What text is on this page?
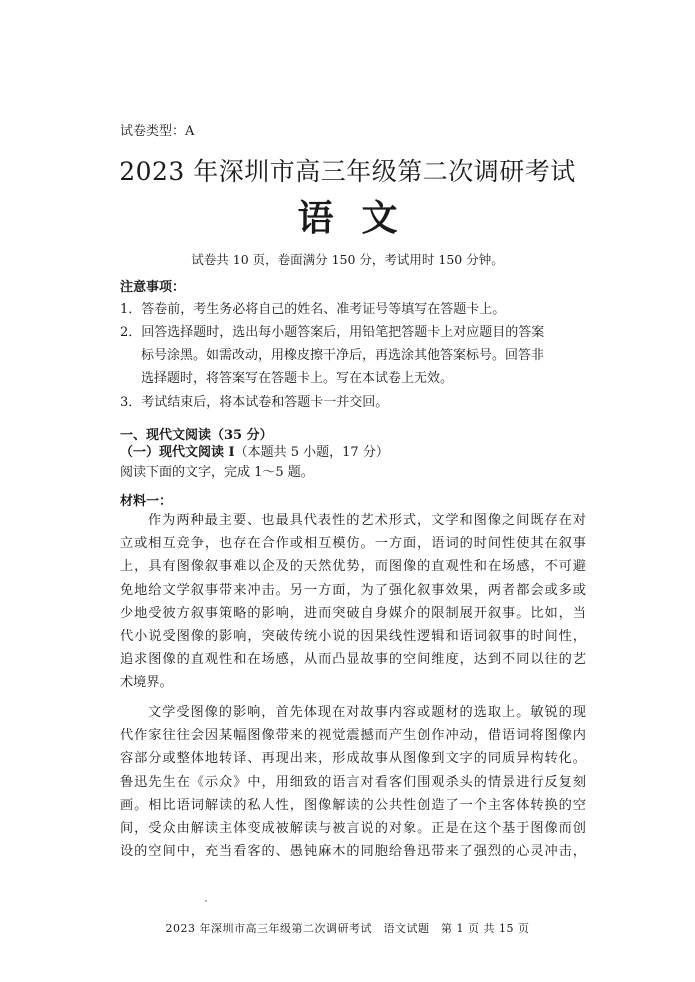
试卷类型：A
2023 年深圳市高三年级第二次调研考试
语文
试卷共 10 页，卷面满分 150 分，考试用时 150 分钟。
注意事项：
1．答卷前，考生务必将自己的姓名、准考证号等填写在答题卡上。
2．回答选择题时，选出每小题答案后，用铅笔把答题卡上对应题目的答案
标号涂黑。如需改动，用橡皮擦干净后，再选涂其他答案标号。回答非
选择题时，将答案写在答题卡上。写在本试卷上无效。
3．考试结束后，将本试卷和答题卡一并交回。
一、现代文阅读（35 分）
（一）现代文阅读 I（本题共 5 小题，17 分）
阅读下面的文字，完成 1～5 题。
材料一：
作为两种最主要、也最具代表性的艺术形式，文学和图像之间既存在对
立或相互竞争，也存在合作或相互模仿。一方面，语词的时间性使其在叙事
上，具有图像叙事难以企及的天然优势，而图像的直观性和在场感，不可避
免地给文学叙事带来冲击。另一方面，为了强化叙事效果，两者都会或多或
少地受彼方叙事策略的影响，进而突破自身媒介的限制展开叙事。比如，当
代小说受图像的影响，突破传统小说的因果线性逻辑和语词叙事的时间性，
追求图像的直观性和在场感，从而凸显故事的空间维度，达到不同以往的艺
术境界。
文学受图像的影响，首先体现在对故事内容或题材的选取上。敏锐的现
代作家往往会因某幅图像带来的视觉震撼而产生创作冲动，借语词将图像内
容部分或整体地转译、再现出来，形成故事从图像到文字的同质异构转化。
鲁迅先生在《示众》中，用细致的语言对看客们围观杀头的情景进行反复刻
画。相比语词解读的私人性，图像解读的公共性创造了一个主客体转换的空
间，受众由解读主体变成被解读与被言说的对象。正是在这个基于图像而创
设的空间中，充当看客的、愚钝麻木的同胞给鲁迅带来了强烈的心灵冲击，
2023 年深圳市高三年级第二次调研考试　语文试题　第 1 页 共 15 页
